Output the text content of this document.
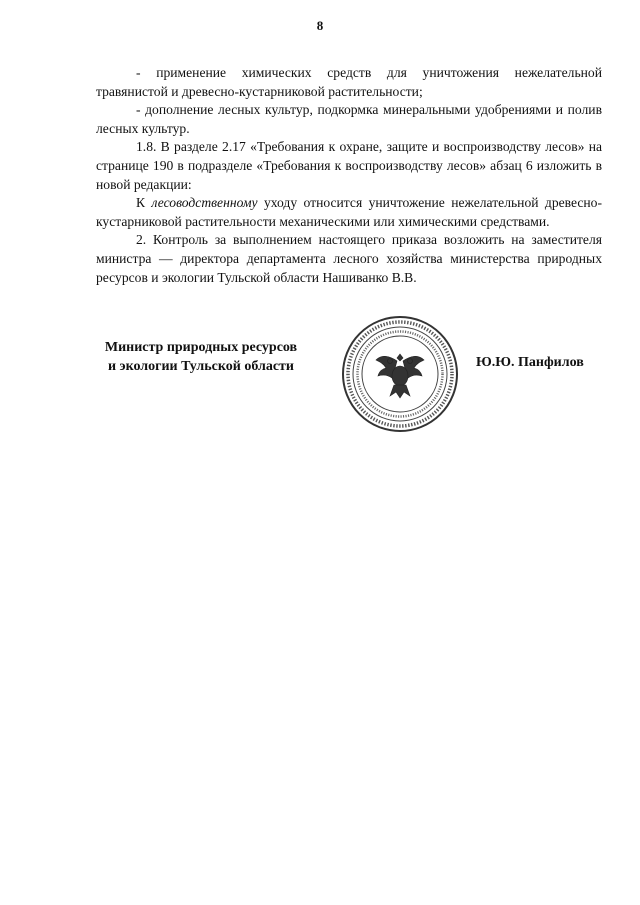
8

- применение химических средств для уничтожения нежелательной травянистой и древесно-кустарниковой растительности;

- дополнение лесных культур, подкормка минеральными удобрениями и полив лесных культур.

1.8. В разделе 2.17 «Требования к охране, защите и воспроизводству лесов» на странице 190 в подразделе «Требования к воспроизводству лесов» абзац 6 изложить в новой редакции:

К лесоводственному уходу относится уничтожение нежелательной древесно-кустарниковой растительности механическими или химическими средствами.

2. Контроль за выполнением настоящего приказа возложить на заместителя министра — директора департамента лесного хозяйства министерства природных ресурсов и экологии Тульской области Нашиванко В.В.

Министр природных ресурсов
и экологии Тульской области	Ю.Ю. Панфилов
